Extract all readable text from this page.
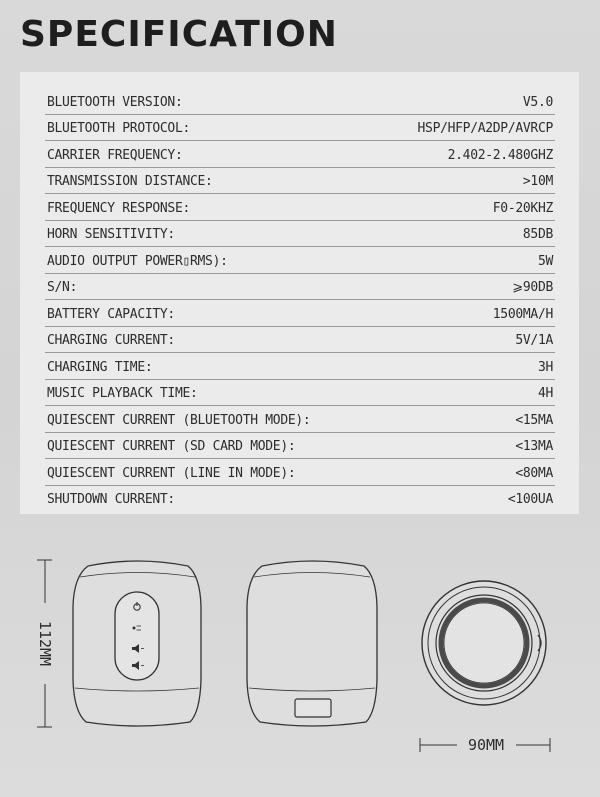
SPECIFICATION
BLUETOOTH VERSION:	V5.0
BLUETOOTH PROTOCOL:	HSP/HFP/A2DP/AVRCP
CARRIER FREQUENCY:	2.402-2.480GHZ
TRANSMISSION DISTANCE:	>10M
FREQUENCY RESPONSE:	F0-20KHZ
HORN SENSITIVITY:	85DB
AUDIO OUTPUT POWER▯RMS):	5W
S/N:	⩾90DB
BATTERY CAPACITY:	1500MA/H
CHARGING CURRENT:	5V/1A
CHARGING TIME:	3H
MUSIC PLAYBACK TIME:	4H
QUIESCENT CURRENT (BLUETOOTH MODE):	<15MA
QUIESCENT CURRENT (SD CARD MODE):	<13MA
QUIESCENT CURRENT (LINE IN MODE):	<80MA
SHUTDOWN CURRENT:	<100UA
112MM
90MM
